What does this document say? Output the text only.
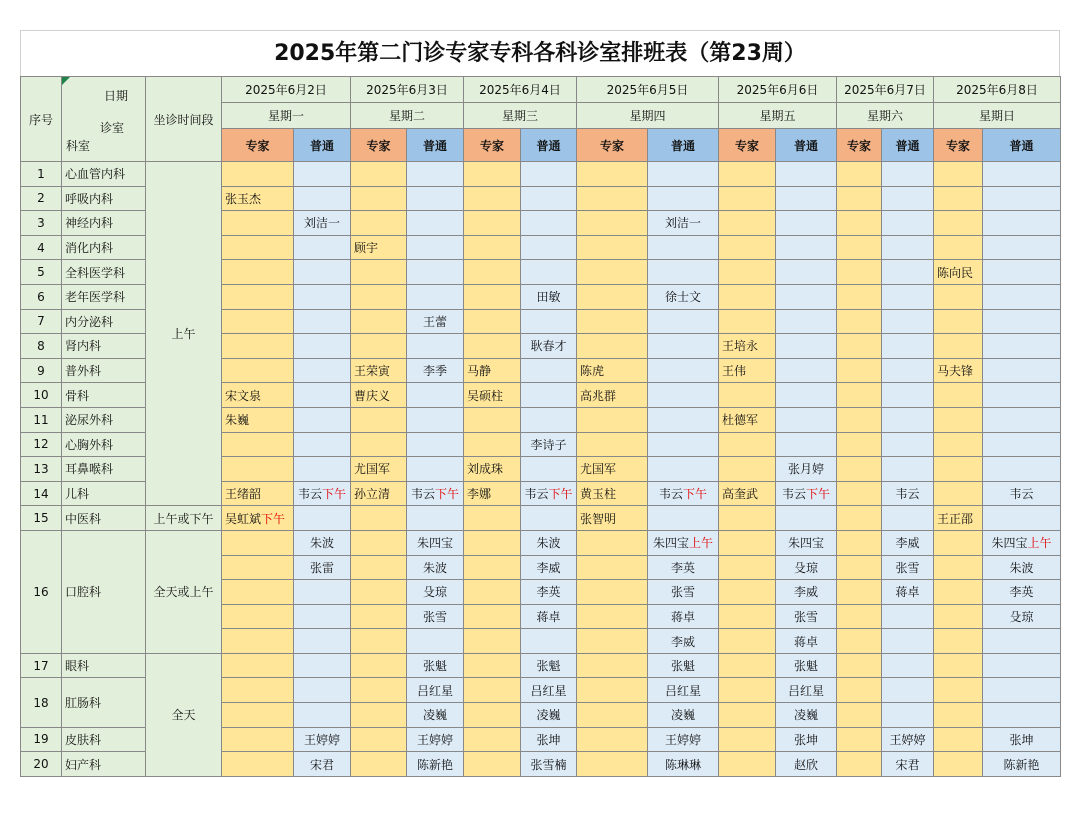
2025年第二门诊专家专科各科诊室排班表（第23周）
序号	日期
诊室
科室	坐诊时间段	2025年6月2日		2025年6月3日		2025年6月4日		2025年6月5日		2025年6月6日		2025年6月7日		2025年6月8日	
			星期一		星期二		星期三		星期四		星期五		星期六		星期日	
			专家	普通	专家	普通	专家	普通	专家	普通	专家	普通	专家	普通	专家	普通
1	心血管内科	上午														
2	呼吸内科		张玉杰													
3	神经内科			刘洁一						刘洁一						
4	消化内科				顾宇											
5	全科医学科														陈向民	
6	老年医学科							田敏		徐士文						
7	内分泌科					王蕾										
8	肾内科							耿春才			王培永					
9	普外科				王荣寅	李季	马静		陈虎		王伟				马夫锋	
10	骨科		宋文泉		曹庆义		吴硕柱		高兆群							
11	泌尿外科		朱巍								杜德军					
12	心胸外科							李诗子								
13	耳鼻喉科				尤国军		刘成珠		尤国军			张月婷				
14	儿科		王绪韶	韦云下午	孙立清	韦云下午	李娜	韦云下午	黄玉柱	韦云下午	高奎武	韦云下午		韦云		韦云
15	中医科	上午或下午	吴虹斌下午						张智明						王正邵	
16	口腔科	全天或上午		朱波		朱四宝		朱波		朱四宝上午		朱四宝		李威		朱四宝上午
				张雷		朱波		李威		李英		殳琼		张雪		朱波
						殳琼		李英		张雪		李威		蒋卓		李英
						张雪		蒋卓		蒋卓		张雪				殳琼
										李威		蒋卓				
17	眼科	全天				张魁		张魁		张魁		张魁				
18	肛肠科					吕红星		吕红星		吕红星		吕红星				
						凌巍		凌巍		凌巍		凌巍				
19	皮肤科			王婷婷		王婷婷		张坤		王婷婷		张坤		王婷婷		张坤
20	妇产科			宋君		陈新艳		张雪楠		陈琳琳		赵欣		宋君		陈新艳
